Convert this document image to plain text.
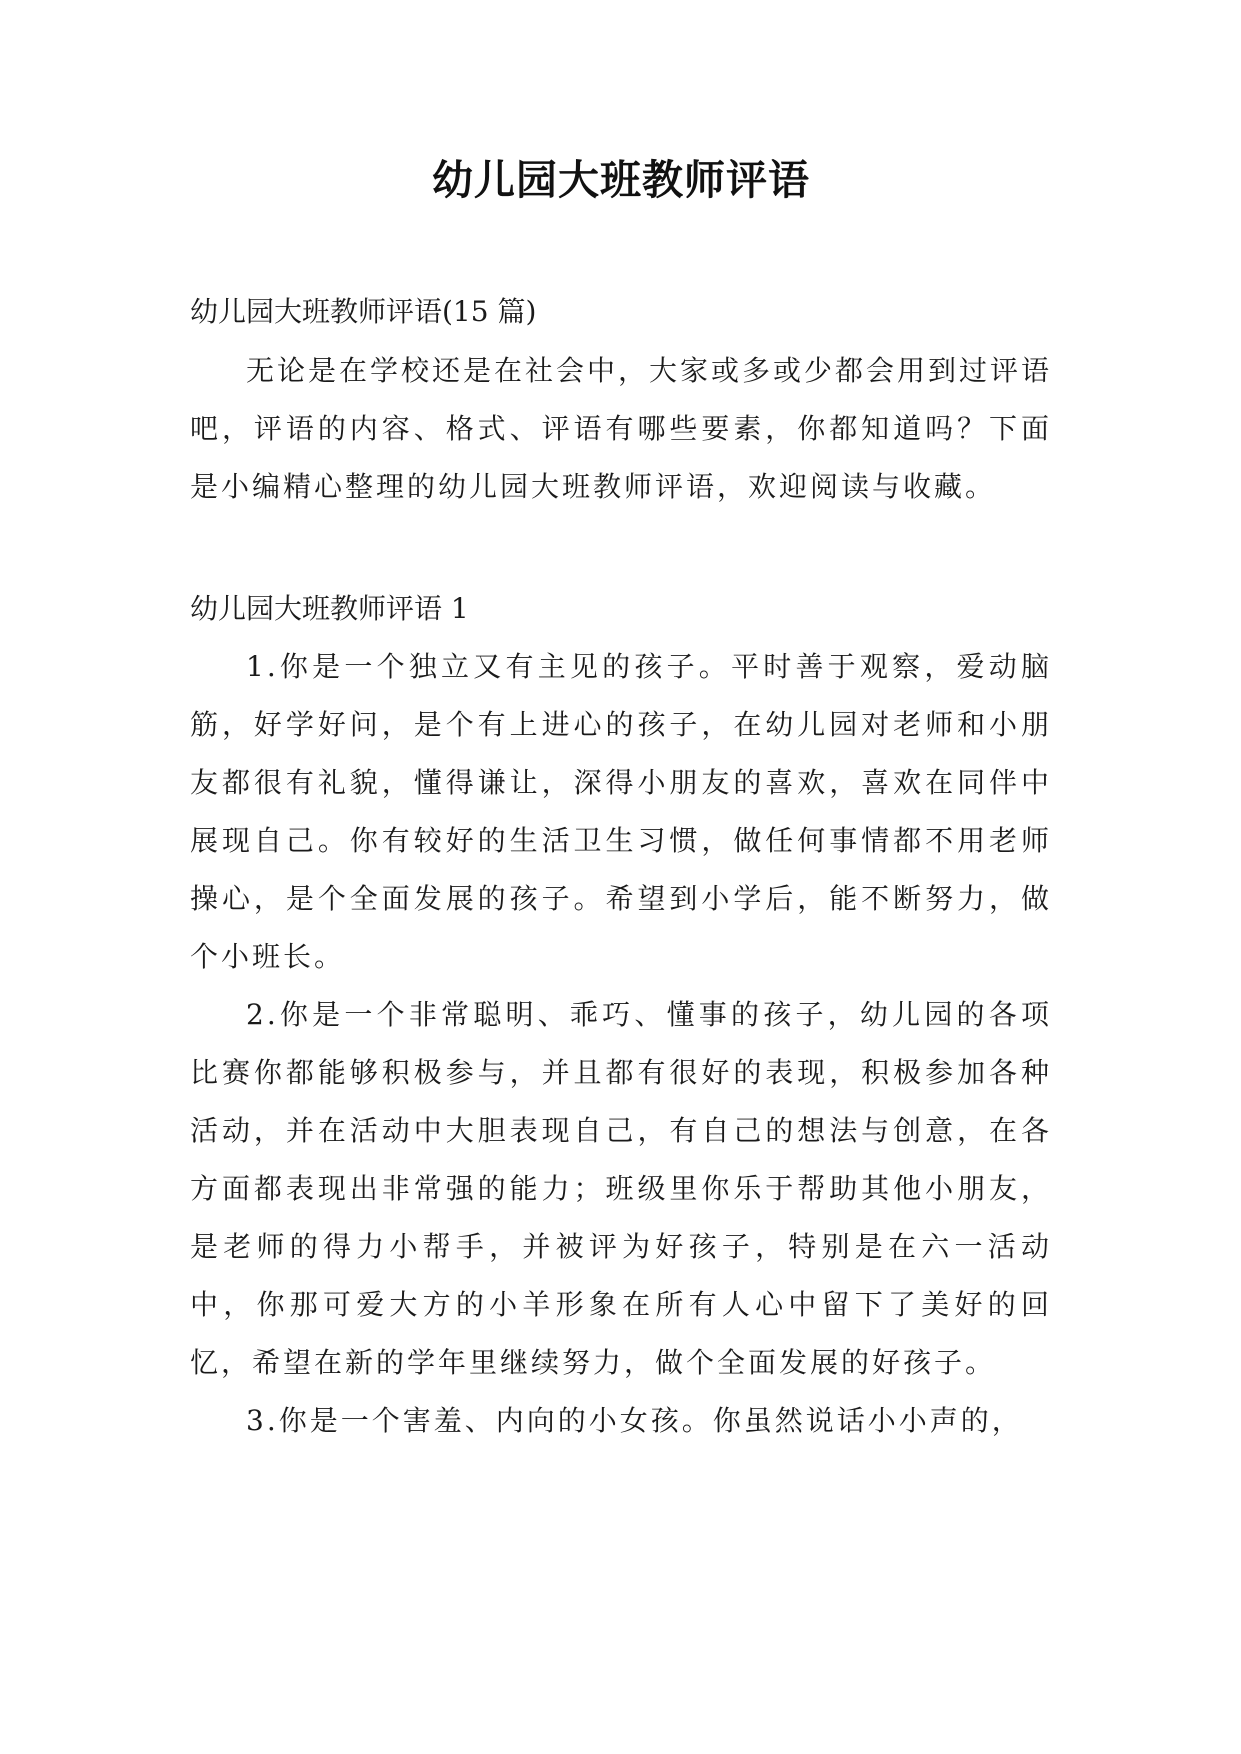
幼儿园大班教师评语

幼儿园大班教师评语(15 篇)

无论是在学校还是在社会中，大家或多或少都会用到过评语吧，评语的内容、格式、评语有哪些要素，你都知道吗？下面是小编精心整理的幼儿园大班教师评语，欢迎阅读与收藏。

幼儿园大班教师评语 1

1.你是一个独立又有主见的孩子。平时善于观察，爱动脑筋，好学好问，是个有上进心的孩子，在幼儿园对老师和小朋友都很有礼貌，懂得谦让，深得小朋友的喜欢，喜欢在同伴中展现自己。你有较好的生活卫生习惯，做任何事情都不用老师操心，是个全面发展的孩子。希望到小学后，能不断努力，做个小班长。

2.你是一个非常聪明、乖巧、懂事的孩子，幼儿园的各项比赛你都能够积极参与，并且都有很好的表现，积极参加各种活动，并在活动中大胆表现自己，有自己的想法与创意，在各方面都表现出非常强的能力；班级里你乐于帮助其他小朋友，是老师的得力小帮手，并被评为好孩子，特别是在六一活动中，你那可爱大方的小羊形象在所有人心中留下了美好的回忆，希望在新的学年里继续努力，做个全面发展的好孩子。

3.你是一个害羞、内向的小女孩。你虽然说话小小声的，
